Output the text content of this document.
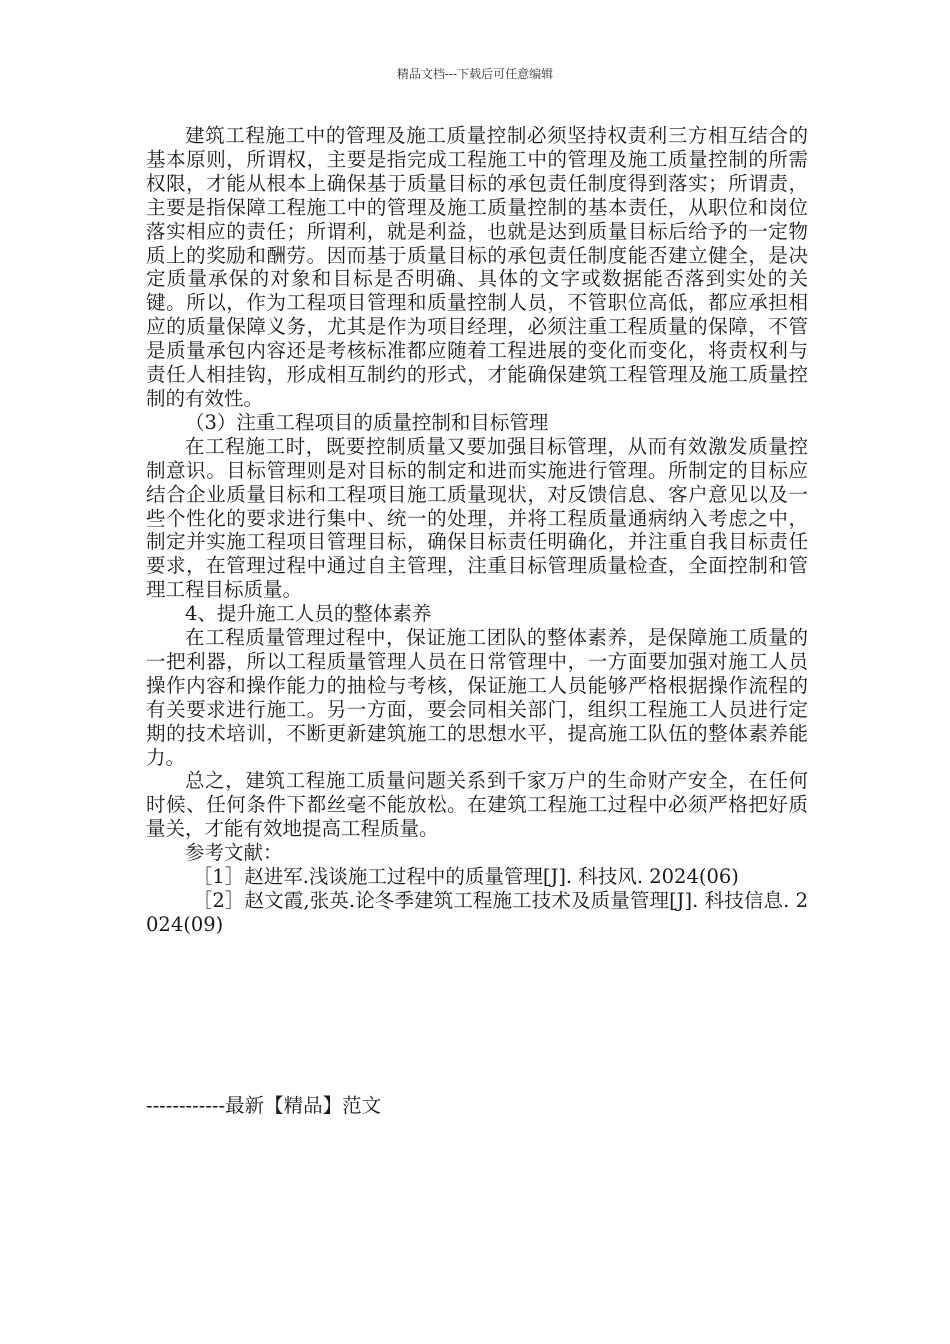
精品文档---下载后可任意编辑

建筑工程施工中的管理及施工质量控制必须坚持权责利三方相互结合的基本原则，所谓权，主要是指完成工程施工中的管理及施工质量控制的所需权限，才能从根本上确保基于质量目标的承包责任制度得到落实；所谓责，主要是指保障工程施工中的管理及施工质量控制的基本责任，从职位和岗位落实相应的责任；所谓利，就是利益，也就是达到质量目标后给予的一定物质上的奖励和酬劳。因而基于质量目标的承包责任制度能否建立健全，是决定质量承保的对象和目标是否明确、具体的文字或数据能否落到实处的关键。所以，作为工程项目管理和质量控制人员，不管职位高低，都应承担相应的质量保障义务，尤其是作为项目经理，必须注重工程质量的保障，不管是质量承包内容还是考核标准都应随着工程进展的变化而变化，将责权利与责任人相挂钩，形成相互制约的形式，才能确保建筑工程管理及施工质量控制的有效性。

（3）注重工程项目的质量控制和目标管理

在工程施工时，既要控制质量又要加强目标管理，从而有效激发质量控制意识。目标管理则是对目标的制定和进而实施进行管理。所制定的目标应结合企业质量目标和工程项目施工质量现状，对反馈信息、客户意见以及一些个性化的要求进行集中、统一的处理，并将工程质量通病纳入考虑之中，制定并实施工程项目管理目标，确保目标责任明确化，并注重自我目标责任要求，在管理过程中通过自主管理，注重目标管理质量检查，全面控制和管理工程目标质量。

4、提升施工人员的整体素养

在工程质量管理过程中，保证施工团队的整体素养，是保障施工质量的一把利器，所以工程质量管理人员在日常管理中，一方面要加强对施工人员操作内容和操作能力的抽检与考核，保证施工人员能够严格根据操作流程的有关要求进行施工。另一方面，要会同相关部门，组织工程施工人员进行定期的技术培训，不断更新建筑施工的思想水平，提高施工队伍的整体素养能力。

总之，建筑工程施工质量问题关系到千家万户的生命财产安全，在任何时候、任何条件下都丝毫不能放松。在建筑工程施工过程中必须严格把好质量关，才能有效地提高工程质量。

参考文献：

［1］赵进军.浅谈施工过程中的质量管理[J]. 科技风. 2024(06)

［2］赵文霞,张英.论冬季建筑工程施工技术及质量管理[J]. 科技信息. 2024(09)

------------最新【精品】范文
